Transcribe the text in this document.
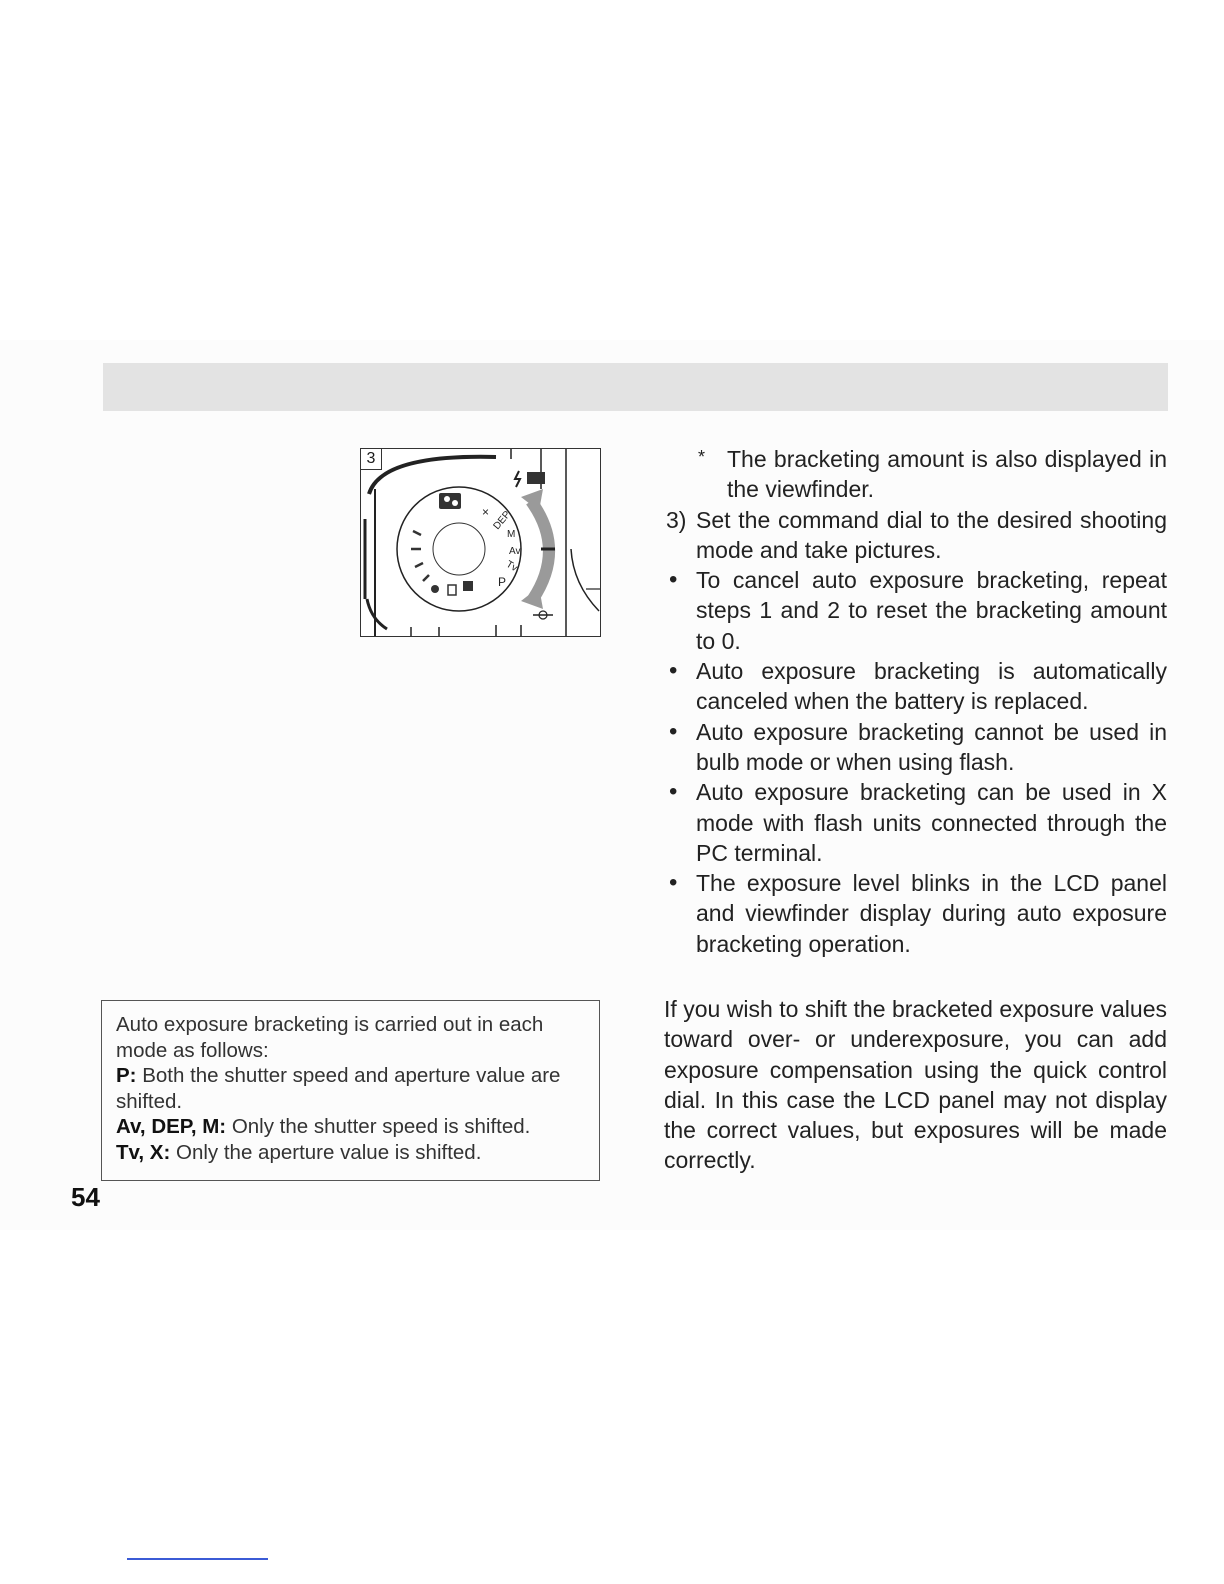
3
× DEP
M
Av
Tv
P
* The bracketing amount is also displayed in the viewfinder.
3) Set the command dial to the desired shooting mode and take pictures.
• To cancel auto exposure bracketing, repeat steps 1 and 2 to reset the bracketing amount to 0.
• Auto exposure bracketing is automatically canceled when the battery is replaced.
• Auto exposure bracketing cannot be used in bulb mode or when using flash.
• Auto exposure bracketing can be used in X mode with flash units connected through the PC terminal.
• The exposure level blinks in the LCD panel and viewfinder display during auto exposure bracketing operation.
If you wish to shift the bracketed exposure values toward over- or underexposure, you can add exposure compensation using the quick control dial. In this case the LCD panel may not display the correct values, but exposures will be made correctly.
Auto exposure bracketing is carried out in each mode as follows:
P: Both the shutter speed and aperture value are shifted.
Av, DEP, M: Only the shutter speed is shifted.
Tv, X: Only the aperture value is shifted.
54
